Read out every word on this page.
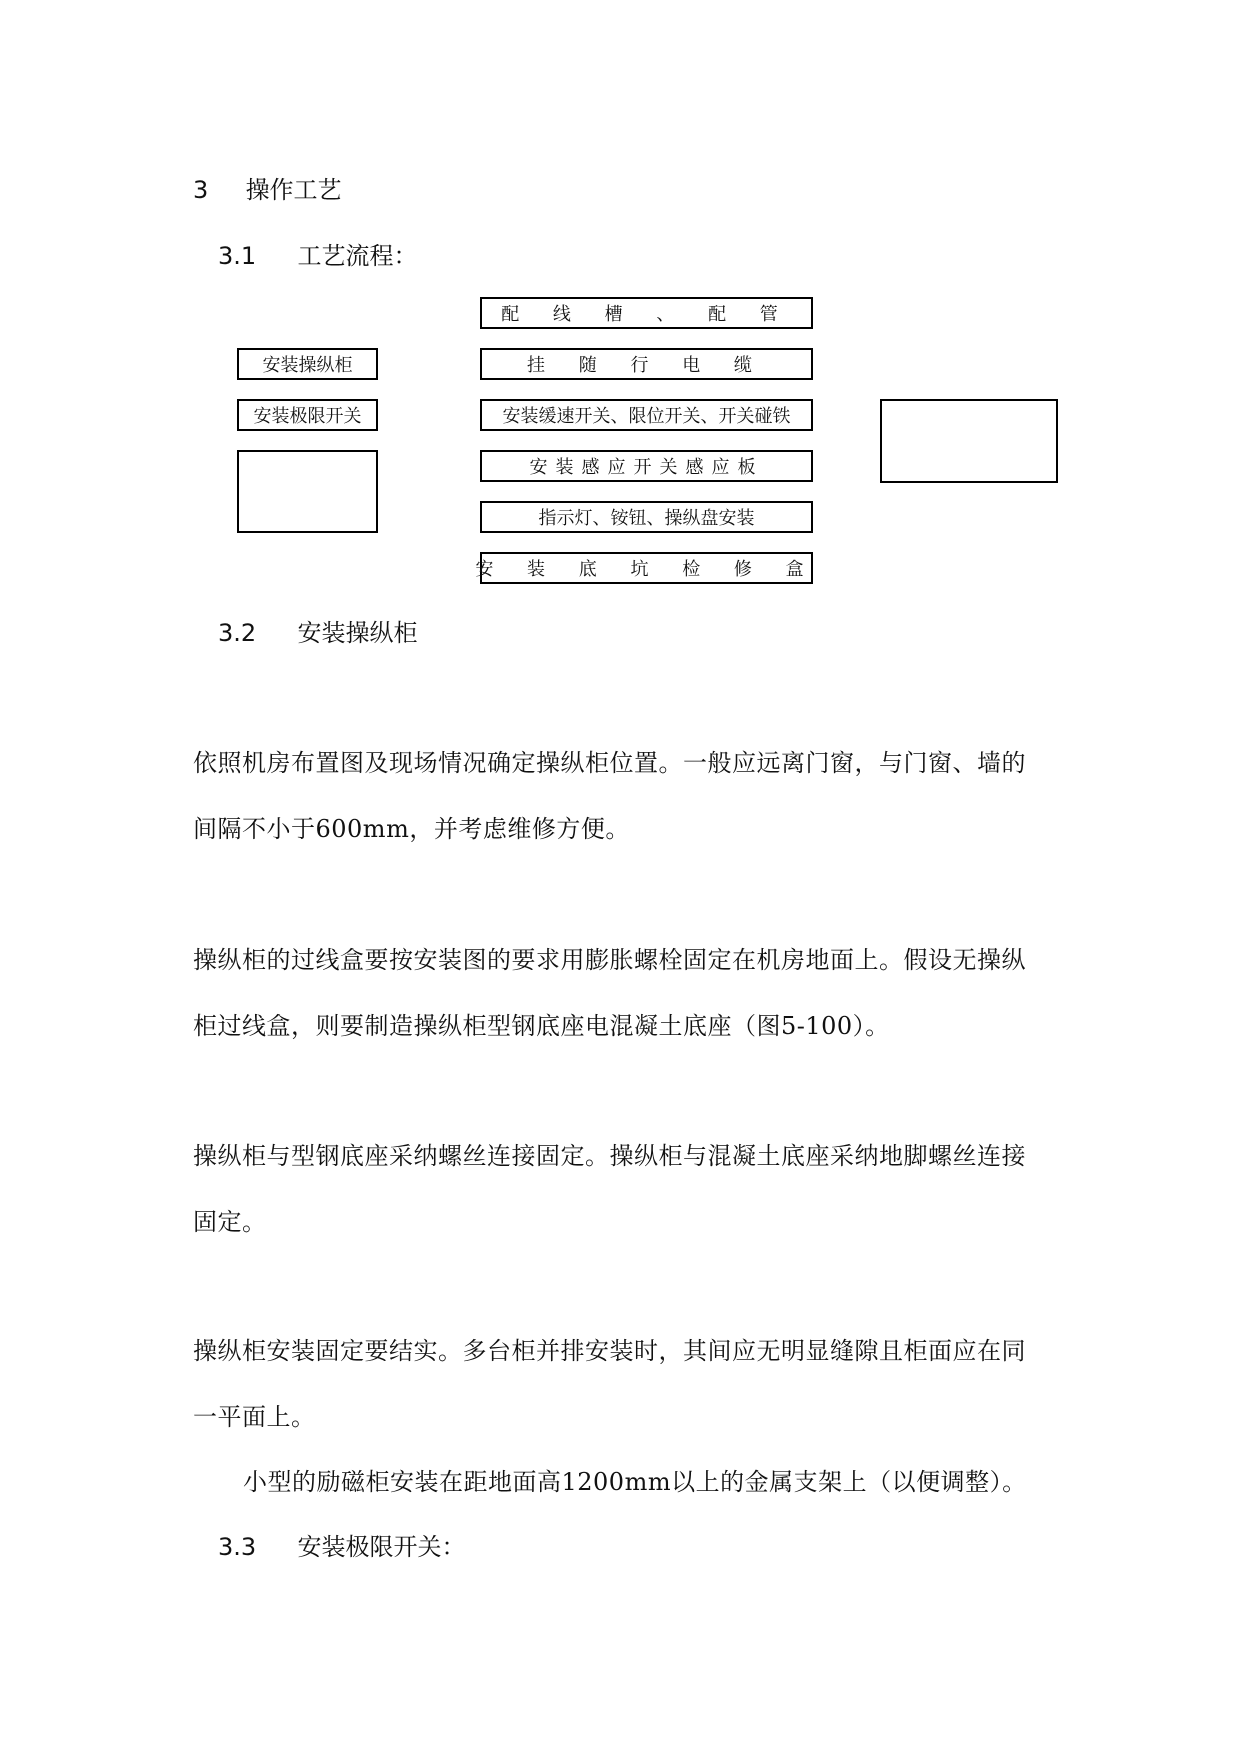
3 操作工艺
3.1 工艺流程：
配 线 槽 、 配 管
挂 随 行 电 缆
安装缓速开关、限位开关、开关碰铁
安装感应开关感应板
指示灯、铵钮、操纵盘安装
安 装 底 坑 检 修 盒
安装操纵柜
安装极限开关
3.2 安装操纵柜
依照机房布置图及现场情况确定操纵柜位置。一般应远离门窗，与门窗、墙的
间隔不小于600mm，并考虑维修方便。
操纵柜的过线盒要按安装图的要求用膨胀螺栓固定在机房地面上。假设无操纵
柜过线盒，则要制造操纵柜型钢底座电混凝土底座（图5-100）。
操纵柜与型钢底座采纳螺丝连接固定。操纵柜与混凝土底座采纳地脚螺丝连接
固定。
操纵柜安装固定要结实。多台柜并排安装时，其间应无明显缝隙且柜面应在同
一平面上。
小型的励磁柜安装在距地面高1200mm以上的金属支架上（以便调整）。
3.3 安装极限开关：
